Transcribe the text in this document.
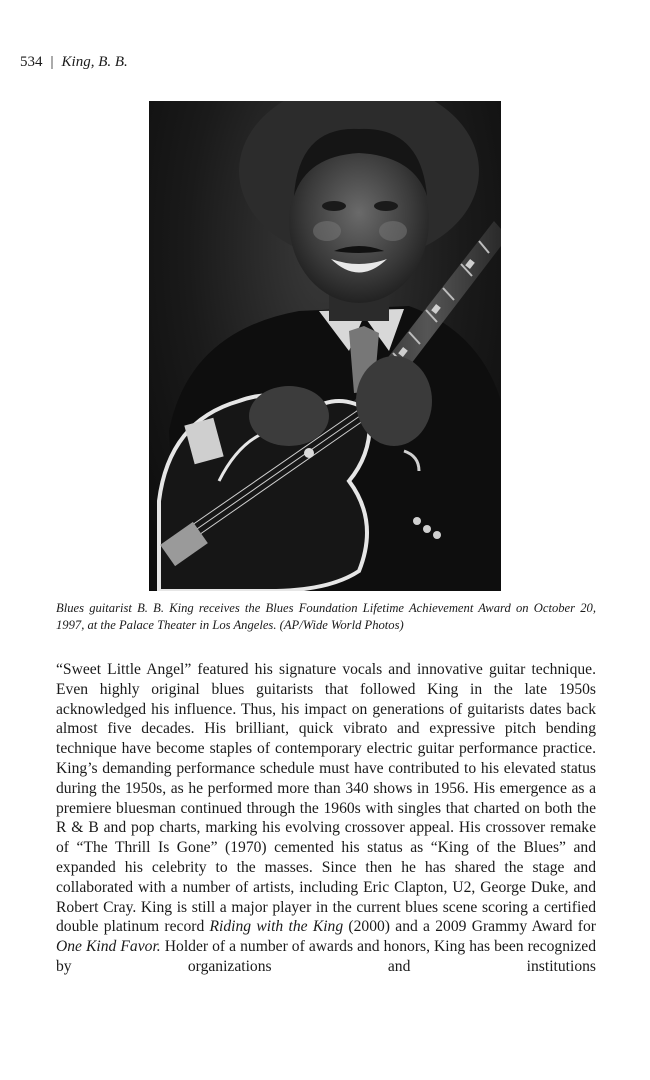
534 | King, B. B.
Blues guitarist B. B. King receives the Blues Foundation Lifetime Achievement Award on October 20, 1997, at the Palace Theater in Los Angeles. (AP/Wide World Photos)
“Sweet Little Angel” featured his signature vocals and innovative guitar technique. Even highly original blues guitarists that followed King in the late 1950s acknowledged his influence. Thus, his impact on generations of guitarists dates back almost five decades. His brilliant, quick vibrato and expressive pitch bending technique have become staples of contemporary electric guitar performance practice. King’s demanding performance schedule must have contributed to his elevated status during the 1950s, as he performed more than 340 shows in 1956. His emergence as a premiere bluesman continued through the 1960s with singles that charted on both the R & B and pop charts, marking his evolving crossover appeal. His crossover remake of “The Thrill Is Gone” (1970) cemented his status as “King of the Blues” and expanded his celebrity to the masses. Since then he has shared the stage and collaborated with a number of artists, including Eric Clapton, U2, George Duke, and Robert Cray. King is still a major player in the current blues scene scoring a certified double platinum record Riding with the King (2000) and a 2009 Grammy Award for One Kind Favor. Holder of a number of awards and honors, King has been recognized by organizations and institutions
